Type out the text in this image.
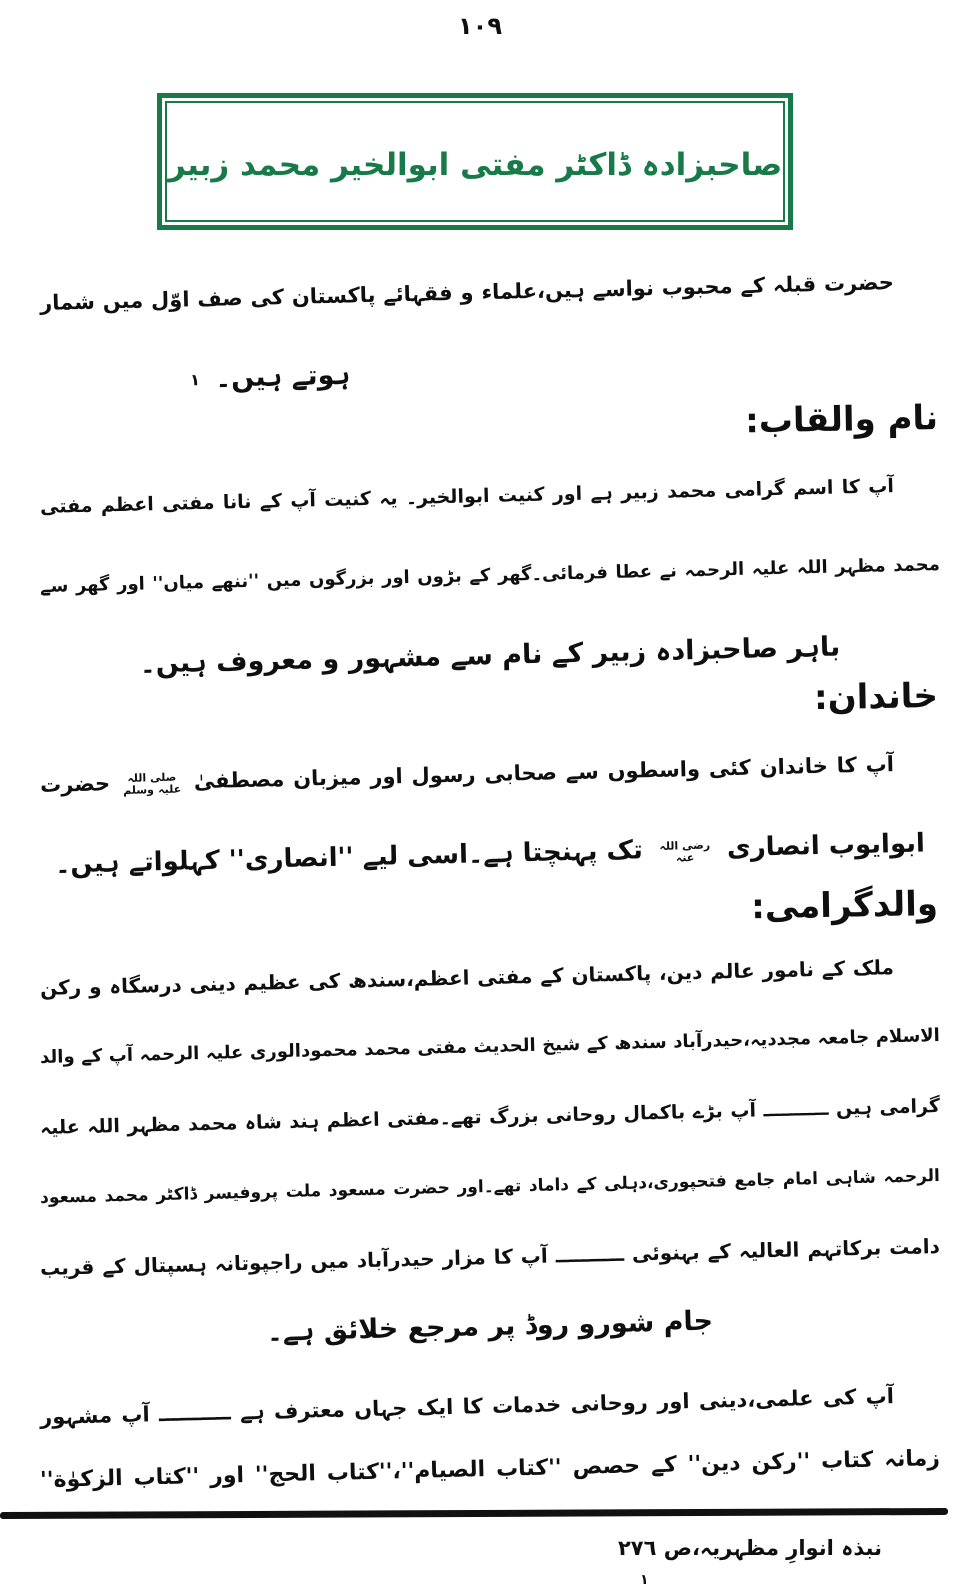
١٠٩
صاحبزادہ ڈاکٹر مفتی ابوالخیر محمد زبیر
حضرت قبلہ کے محبوب نواسے ہیں،علماء و فقہائے پاکستان کی صف اوّل میں شمار
ہوتے ہیں۔ ١
نام والقاب:
آپ کا اسم گرامی محمد زبیر ہے اور کنیت ابوالخیر۔ یہ کنیت آپ کے نانا مفتی اعظم مفتی
محمد مظہر اللہ علیہ الرحمہ نے عطا فرمائی۔گھر کے بڑوں اور بزرگوں میں ''ننھے میاں'' اور گھر سے
باہر صاحبزادہ زبیر کے نام سے مشہور و معروف ہیں۔
خاندان:
آپ کا خاندان کئی واسطوں سے صحابی رسول اور میزبان مصطفیٰ صلی اللہ علیہ وسلم حضرت
ابوایوب انصاری رضی اللہ عنہ تک پہنچتا ہے۔اسی لیے ''انصاری'' کہلواتے ہیں۔
والدگرامی:
ملک کے نامور عالم دین، پاکستان کے مفتی اعظم،سندھ کی عظیم دینی درسگاہ و رکن
الاسلام جامعہ مجددیہ،حیدرآباد سندھ کے شیخ الحدیث مفتی محمد محمودالوری علیہ الرحمہ آپ کے والد
گرامی ہیں ــــــــــ آپ بڑے باکمال روحانی بزرگ تھے۔مفتی اعظم ہند شاہ محمد مظہر اللہ علیہ
الرحمہ شاہی امام جامع فتحپوری،دہلی کے داماد تھے۔اور حضرت مسعود ملت پروفیسر ڈاکٹر محمد مسعود
دامت برکاتہم العالیہ کے بہنوئی ــــــــــ آپ کا مزار حیدرآباد میں راجپوتانہ ہسپتال کے قریب
جام شورو روڈ پر مرجع خلائق ہے۔
آپ کی علمی،دینی اور روحانی خدمات کا ایک جہاں معترف ہے ــــــــــ آپ مشہور
زمانہ کتاب ''رکن دین'' کے حصص ''کتاب الصیام''،''کتاب الحج'' اور ''کتاب الزکوٰة''
نبذہ انوارِ مظہریہ،ص ٢٧٦
١
